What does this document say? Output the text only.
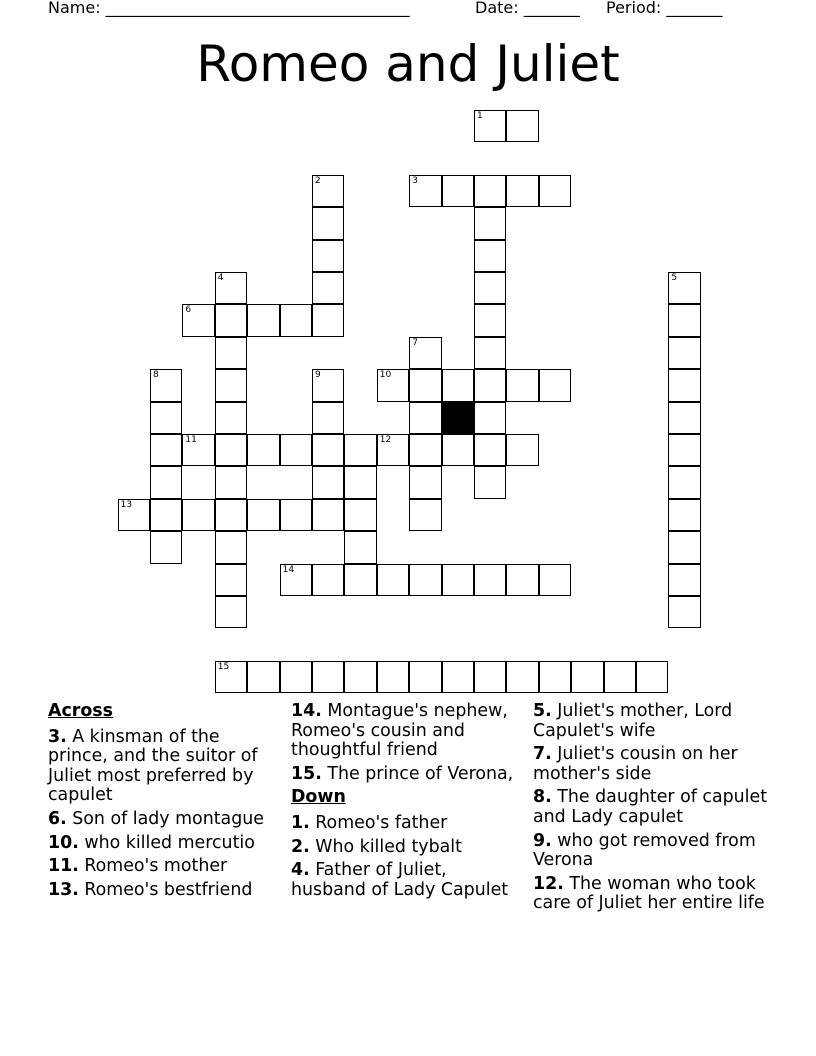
Name: ______________________________________	Date: _______ Period: _______
Romeo and Juliet
1
2	3
4	5
6
7
8	9	10
11	12
13
14
15
Across
3. A kinsman of the prince, and the suitor of Juliet most preferred by capulet
6. Son of lady montague
10. who killed mercutio
11. Romeo's mother
13. Romeo's bestfriend
14. Montague's nephew, Romeo's cousin and thoughtful friend
15. The prince of Verona,
Down
1. Romeo's father
2. Who killed tybalt
4. Father of Juliet, husband of Lady Capulet
5. Juliet's mother, Lord Capulet's wife
7. Juliet's cousin on her mother's side
8. The daughter of capulet and Lady capulet
9. who got removed from Verona
12. The woman who took care of Juliet her entire life
